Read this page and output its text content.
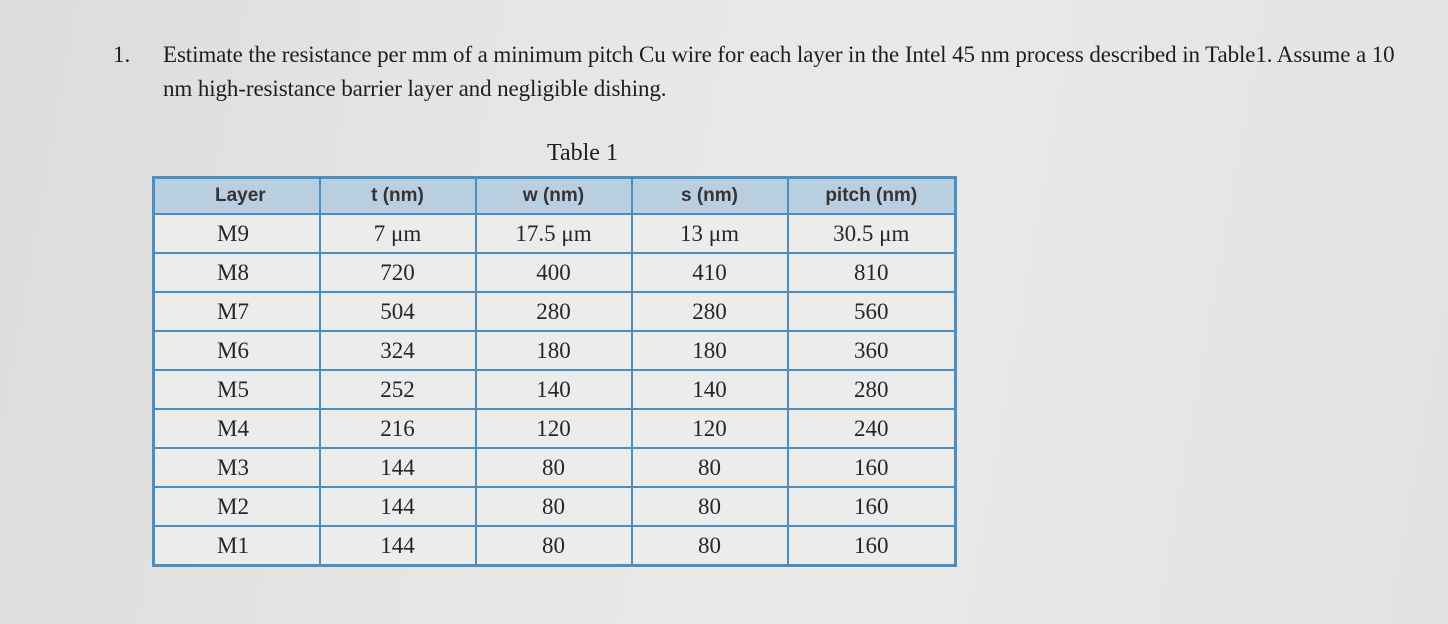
1. Estimate the resistance per mm of a minimum pitch Cu wire for each layer in the Intel 45 nm process described in Table1. Assume a 10 nm high-resistance barrier layer and negligible dishing.
Table 1
Layer	t (nm)	w (nm)	s (nm)	pitch (nm)
M9	7 μm	17.5 μm	13 μm	30.5 μm
M8	720	400	410	810
M7	504	280	280	560
M6	324	180	180	360
M5	252	140	140	280
M4	216	120	120	240
M3	144	80	80	160
M2	144	80	80	160
M1	144	80	80	160
